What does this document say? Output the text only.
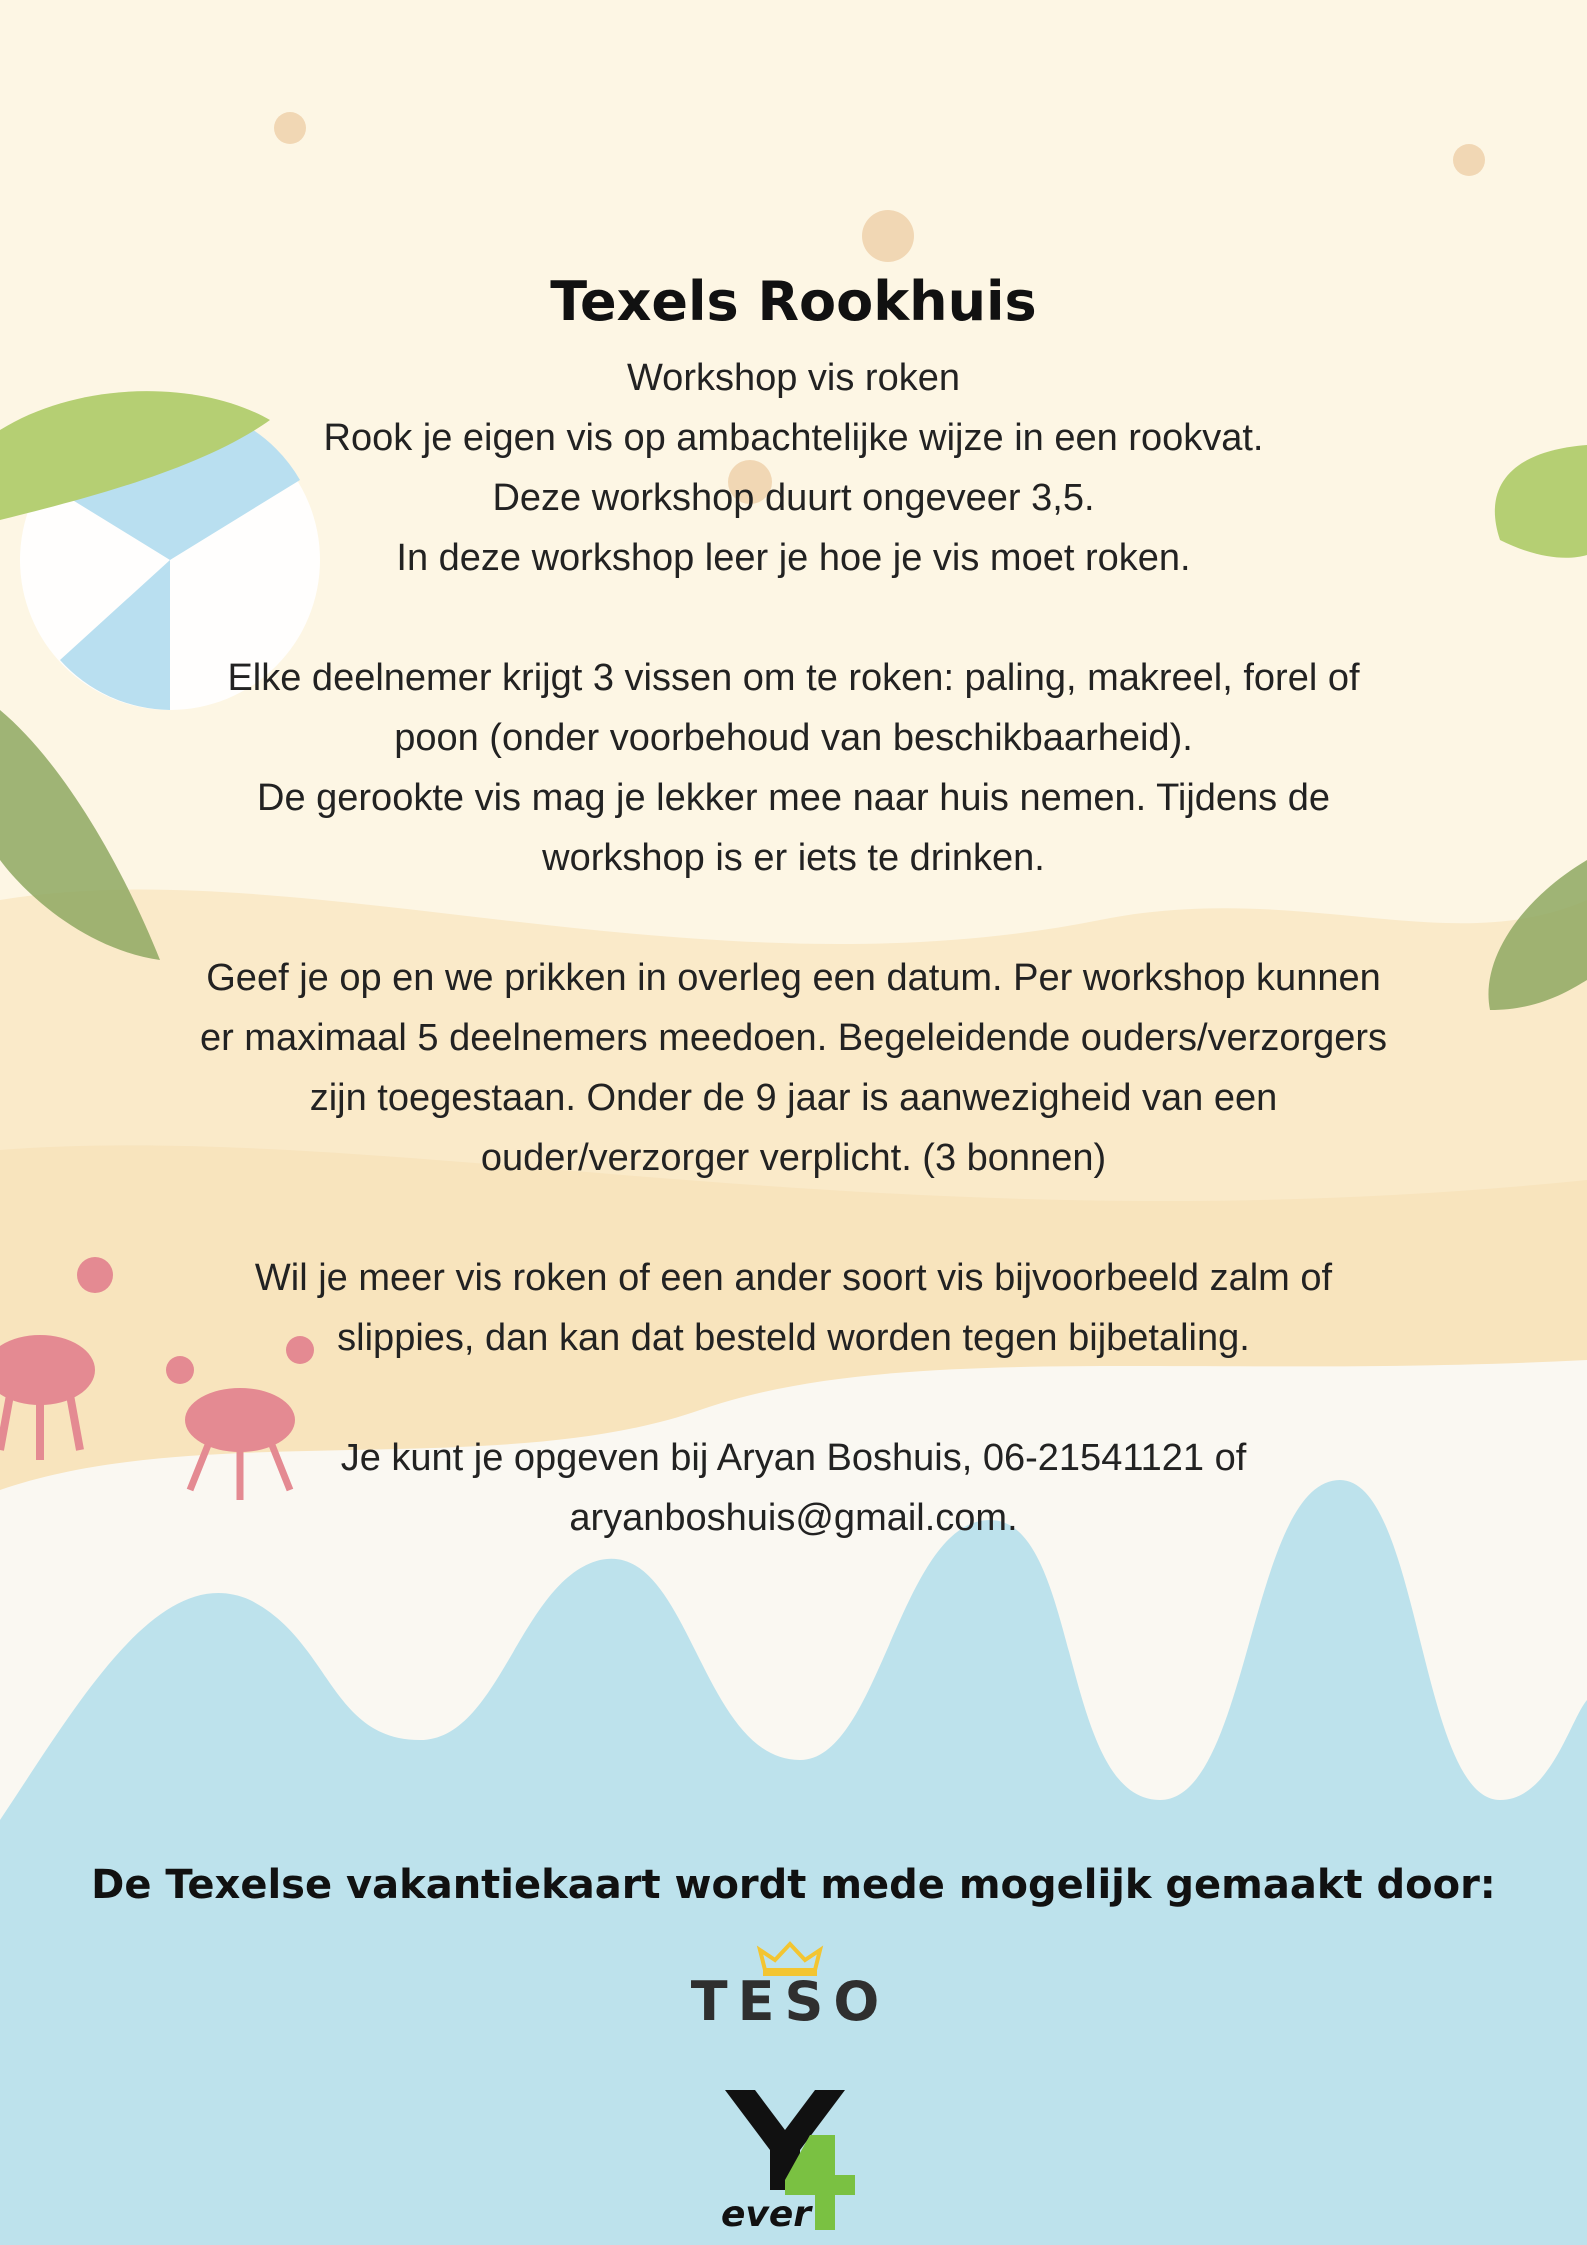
Texels Rookhuis

Workshop vis roken
Rook je eigen vis op ambachtelijke wijze in een rookvat.
Deze workshop duurt ongeveer 3,5.
In deze workshop leer je hoe je vis moet roken.

Elke deelnemer krijgt 3 vissen om te roken: paling, makreel, forel of
poon (onder voorbehoud van beschikbaarheid).
De gerookte vis mag je lekker mee naar huis nemen. Tijdens de
workshop is er iets te drinken.

Geef je op en we prikken in overleg een datum. Per workshop kunnen
er maximaal 5 deelnemers meedoen. Begeleidende ouders/verzorgers
zijn toegestaan. Onder de 9 jaar is aanwezigheid van een
ouder/verzorger verplicht. (3 bonnen)

Wil je meer vis roken of een ander soort vis bijvoorbeeld zalm of
slippies, dan kan dat besteld worden tegen bijbetaling.

Je kunt je opgeven bij Aryan Boshuis, 06-21541121 of
aryanboshuis@gmail.com.

De Texelse vakantiekaart wordt mede mogelijk gemaakt door:

TESO
ever
